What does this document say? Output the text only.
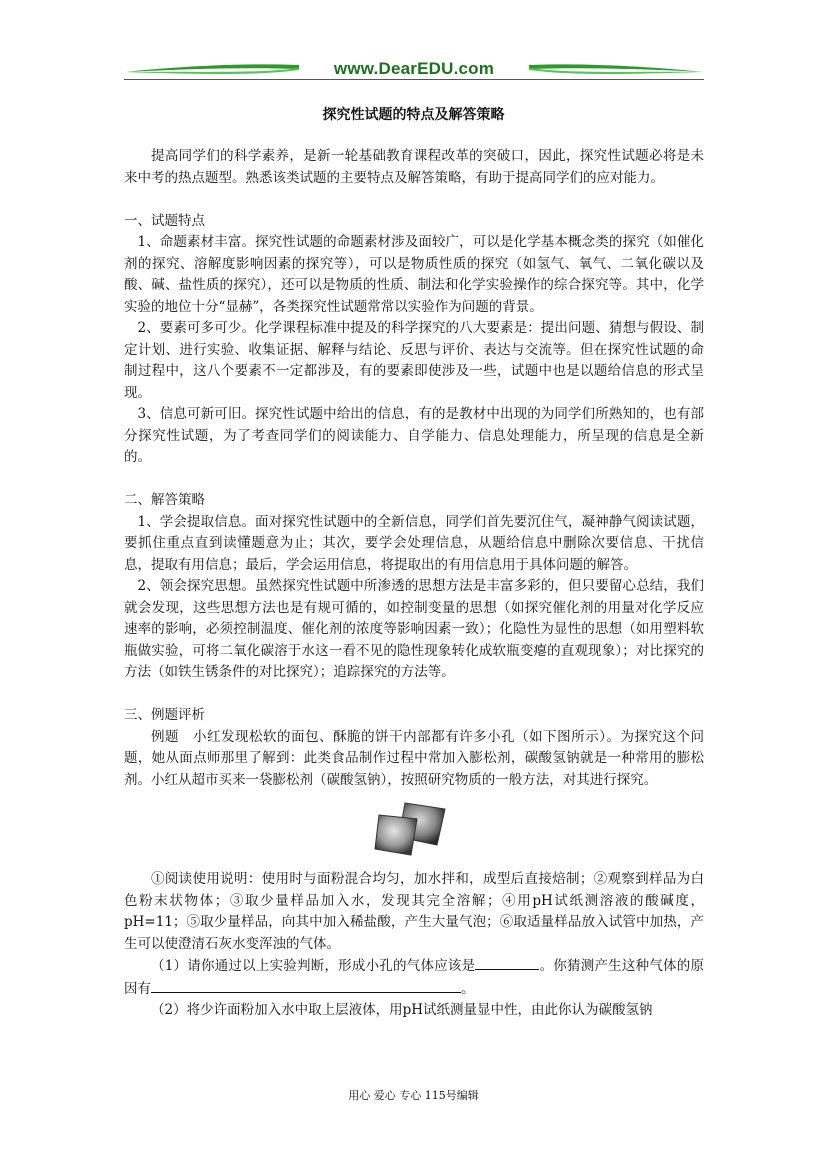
www.DearEDU.com
探究性试题的特点及解答策略

提高同学们的科学素养，是新一轮基础教育课程改革的突破口，因此，探究性试题必将是未来中考的热点题型。熟悉该类试题的主要特点及解答策略，有助于提高同学们的应对能力。

一、试题特点

1、命题素材丰富。探究性试题的命题素材涉及面较广，可以是化学基本概念类的探究（如催化剂的探究、溶解度影响因素的探究等），可以是物质性质的探究（如氢气、氧气、二氧化碳以及酸、碱、盐性质的探究），还可以是物质的性质、制法和化学实验操作的综合探究等。其中，化学实验的地位十分“显赫”，各类探究性试题常常以实验作为问题的背景。

2、要素可多可少。化学课程标准中提及的科学探究的八大要素是：提出问题、猜想与假设、制定计划、进行实验、收集证据、解释与结论、反思与评价、表达与交流等。但在探究性试题的命制过程中，这八个要素不一定都涉及，有的要素即使涉及一些，试题中也是以题给信息的形式呈现。

3、信息可新可旧。探究性试题中给出的信息，有的是教材中出现的为同学们所熟知的，也有部分探究性试题，为了考查同学们的阅读能力、自学能力、信息处理能力，所呈现的信息是全新的。

二、解答策略

1、学会提取信息。面对探究性试题中的全新信息，同学们首先要沉住气，凝神静气阅读试题，要抓住重点直到读懂题意为止；其次，要学会处理信息，从题给信息中删除次要信息、干扰信息，提取有用信息；最后，学会运用信息，将提取出的有用信息用于具体问题的解答。

2、领会探究思想。虽然探究性试题中所渗透的思想方法是丰富多彩的，但只要留心总结，我们就会发现，这些思想方法也是有规可循的，如控制变量的思想（如探究催化剂的用量对化学反应速率的影响，必须控制温度、催化剂的浓度等影响因素一致）；化隐性为显性的思想（如用塑料软瓶做实验，可将二氧化碳溶于水这一看不见的隐性现象转化成软瓶变瘪的直观现象）；对比探究的方法（如铁生锈条件的对比探究）；追踪探究的方法等。

三、例题评析

例题　小红发现松软的面包、酥脆的饼干内部都有许多小孔（如下图所示）。为探究这个问题，她从面点师那里了解到：此类食品制作过程中常加入膨松剂，碳酸氢钠就是一种常用的膨松剂。小红从超市买来一袋膨松剂（碳酸氢钠），按照研究物质的一般方法，对其进行探究。

①阅读使用说明：使用时与面粉混合均匀，加水拌和，成型后直接焙制；②观察到样品为白色粉末状物体；③取少量样品加入水，发现其完全溶解；④用pH试纸测溶液的酸碱度，pH=11；⑤取少量样品，向其中加入稀盐酸，产生大量气泡；⑥取适量样品放入试管中加热，产生可以使澄清石灰水变浑浊的气体。

（1）请你通过以上实验判断，形成小孔的气体应该是	。你猜测产生这种气体的原因有	。

（2）将少许面粉加入水中取上层液体，用pH试纸测量显中性，由此你认为碳酸氢钠

用心 爱心 专心 115号编辑
